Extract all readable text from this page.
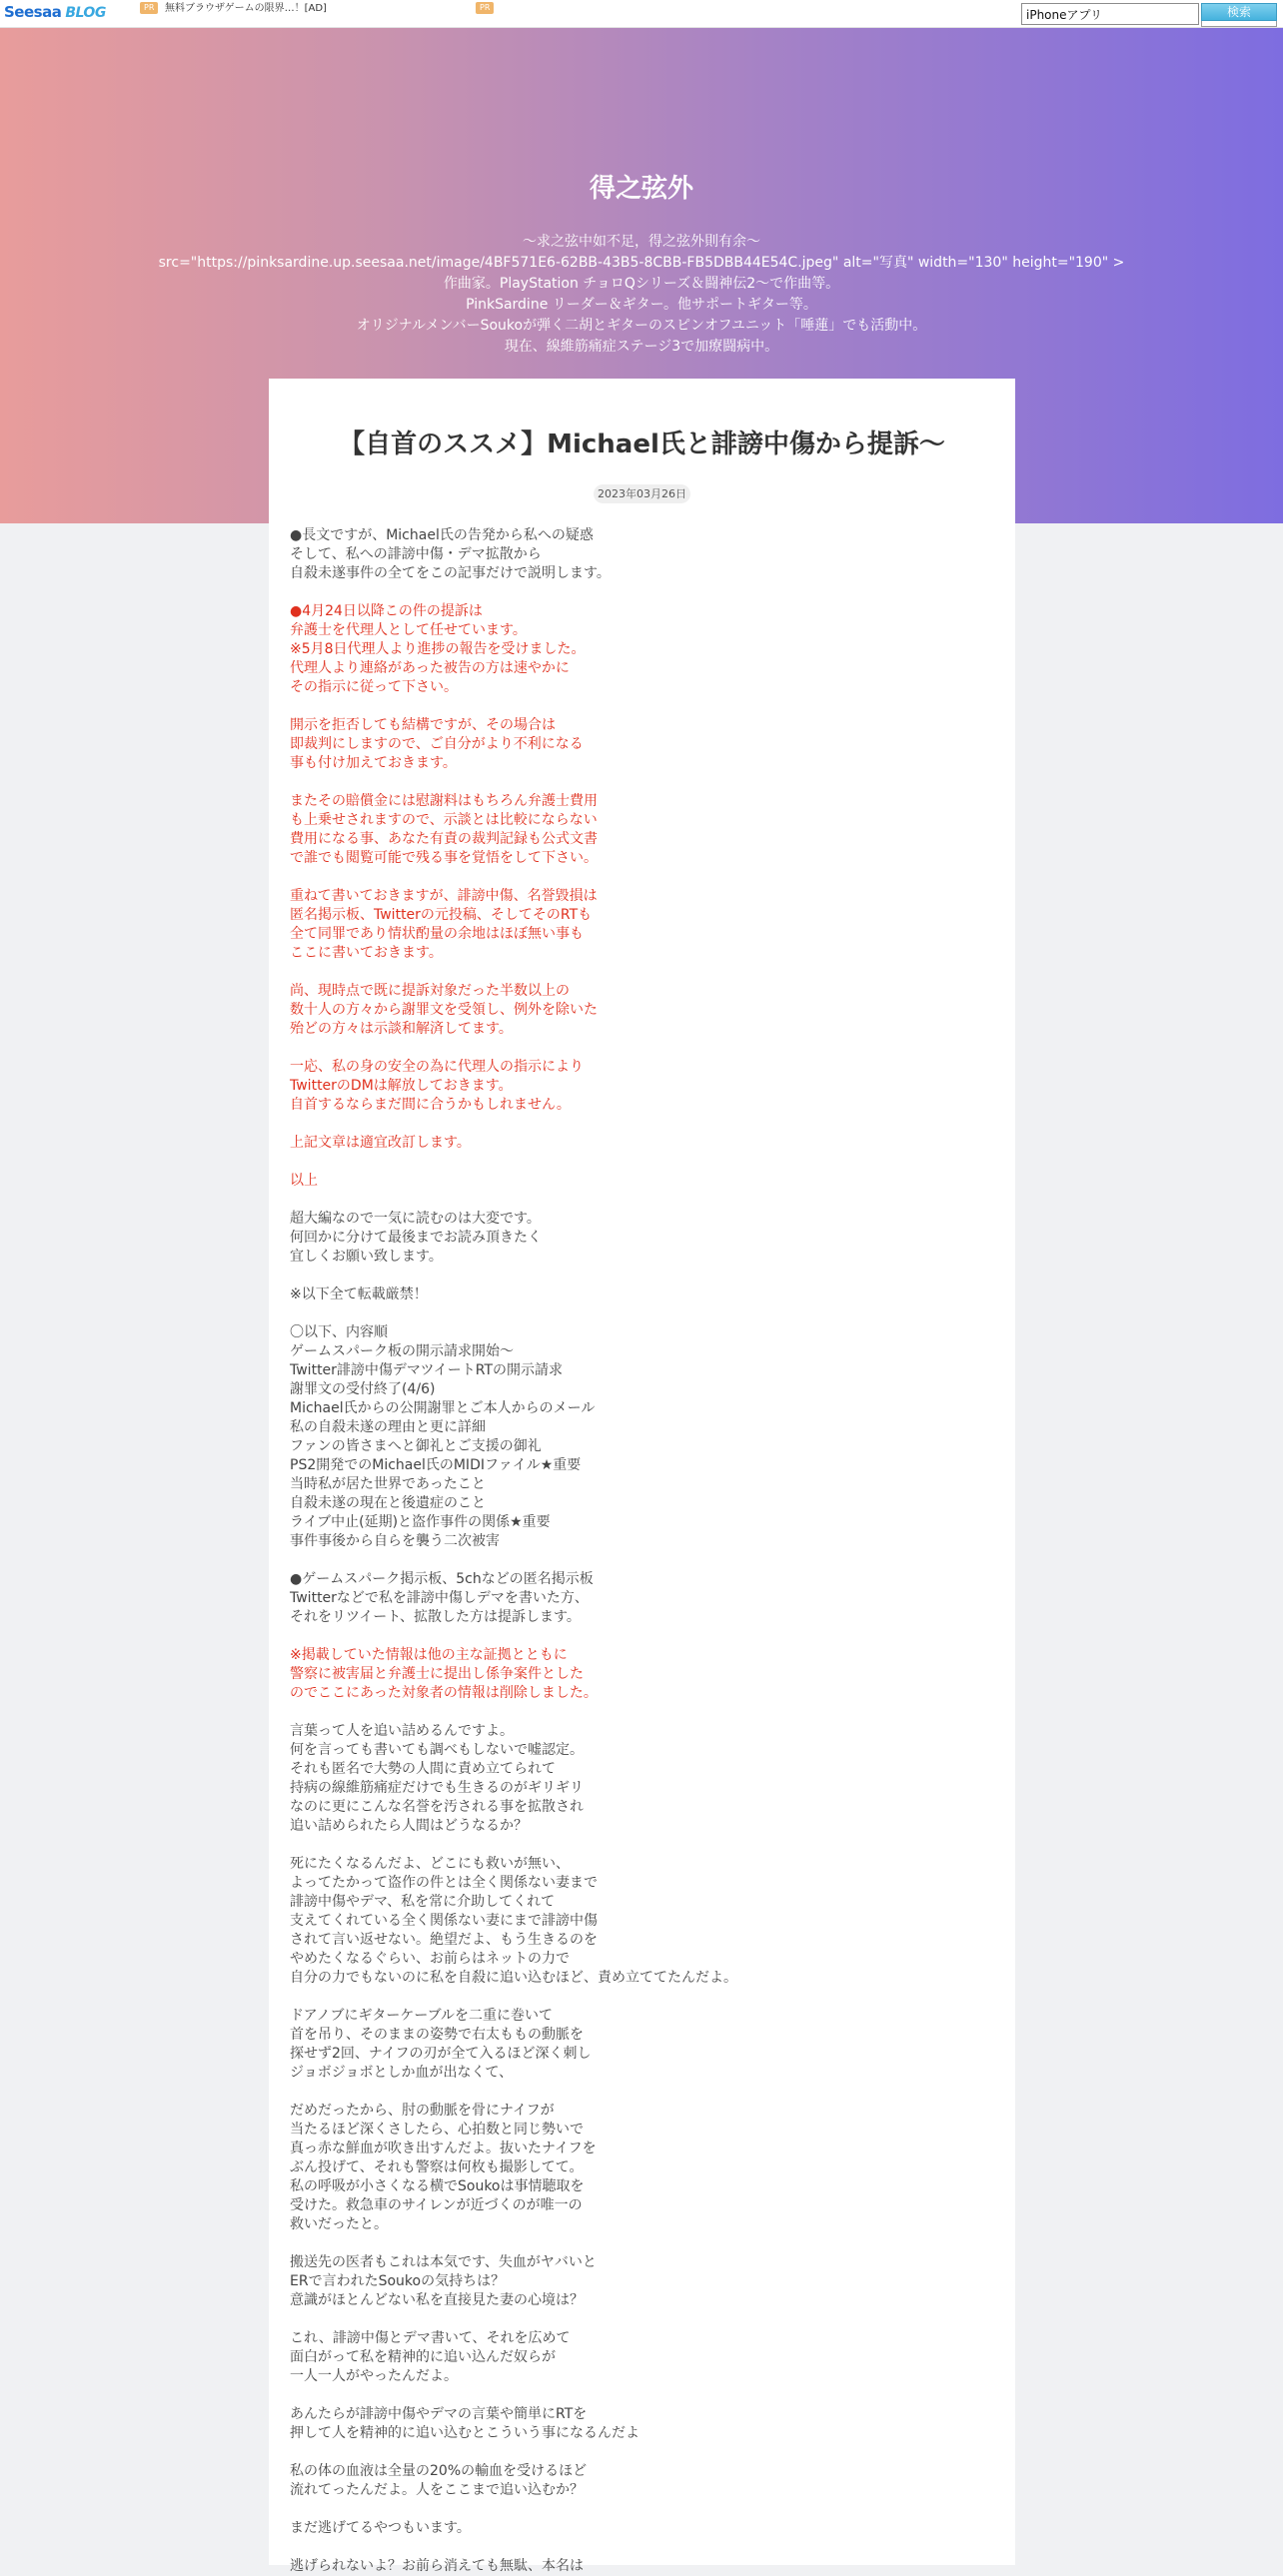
Seesaa BLOG	PR	無料ブラウザゲームの限界…！[AD]	PR
iPhoneアプリ	検索
得之弦外
〜求之弦中如不足，得之弦外則有余〜
src="https://pinksardine.up.seesaa.net/image/4BF571E6-62BB-43B5-8CBB-FB5DBB44E54C.jpeg" alt="写真" width="130" height="190" >
作曲家。PlayStation チョロQシリーズ＆闘神伝2〜で作曲等。
PinkSardine リーダー＆ギター。他サポートギター等。
オリジナルメンバーSoukoが弾く二胡とギターのスピンオフユニット「唾蓮」でも活動中。
現在、線維筋痛症ステージ3で加療闘病中。
【自首のススメ】Michael氏と誹謗中傷から提訴〜
2023年03月26日
●長文ですが、Michael氏の告発から私への疑惑
そして、私への誹謗中傷・デマ拡散から
自殺未遂事件の全てをこの記事だけで説明します。
●4月24日以降この件の提訴は
弁護士を代理人として任せています。
※5月8日代理人より進捗の報告を受けました。
代理人より連絡があった被告の方は速やかに
その指示に従って下さい。
開示を拒否しても結構ですが、その場合は
即裁判にしますので、ご自分がより不利になる
事も付け加えておきます。
またその賠償金には慰謝料はもちろん弁護士費用
も上乗せされますので、示談とは比較にならない
費用になる事、あなた有責の裁判記録も公式文書
で誰でも閲覧可能で残る事を覚悟をして下さい。
重ねて書いておきますが、誹謗中傷、名誉毀損は
匿名掲示板、Twitterの元投稿、そしてそのRTも
全て同罪であり情状酌量の余地はほぼ無い事も
ここに書いておきます。
尚、現時点で既に提訴対象だった半数以上の
数十人の方々から謝罪文を受領し、例外を除いた
殆どの方々は示談和解済してます。
一応、私の身の安全の為に代理人の指示により
TwitterのDMは解放しておきます。
自首するならまだ間に合うかもしれません。
上記文章は適宜改訂します。
以上
超大編なので一気に読むのは大変です。
何回かに分けて最後までお読み頂きたく
宜しくお願い致します。
※以下全て転載厳禁！
〇以下、内容順
ゲームスパーク板の開示請求開始〜
Twitter誹謗中傷デマツイートRTの開示請求
謝罪文の受付終了(4/6)
Michael氏からの公開謝罪とご本人からのメール
私の自殺未遂の理由と更に詳細
ファンの皆さまへと御礼とご支援の御礼
PS2開発でのMichael氏のMIDIファイル★重要
当時私が居た世界であったこと
自殺未遂の現在と後遺症のこと
ライブ中止(延期)と盗作事件の関係★重要
事件事後から自らを襲う二次被害
●ゲームスパーク掲示板、5chなどの匿名掲示板
Twitterなどで私を誹謗中傷しデマを書いた方、
それをリツイート、拡散した方は提訴します。
※掲載していた情報は他の主な証拠とともに
警察に被害届と弁護士に提出し係争案件とした
のでここにあった対象者の情報は削除しました。
言葉って人を追い詰めるんですよ。
何を言っても書いても調べもしないで嘘認定。
それも匿名で大勢の人間に責め立てられて
持病の線維筋痛症だけでも生きるのがギリギリ
なのに更にこんな名誉を汚される事を拡散され
追い詰められたら人間はどうなるか？
死にたくなるんだよ、どこにも救いが無い、
よってたかって盗作の件とは全く関係ない妻まで
誹謗中傷やデマ、私を常に介助してくれて
支えてくれている全く関係ない妻にまで誹謗中傷
されて言い返せない。絶望だよ、もう生きるのを
やめたくなるぐらい、お前らはネットの力で
自分の力でもないのに私を自殺に追い込むほど、責め立ててたんだよ。
ドアノブにギターケーブルを二重に巻いて
首を吊り、そのままの姿勢で右太ももの動脈を
探せず2回、ナイフの刃が全て入るほど深く刺し
ジョボジョボとしか血が出なくて、
だめだったから、肘の動脈を骨にナイフが
当たるほど深くさしたら、心拍数と同じ勢いで
真っ赤な鮮血が吹き出すんだよ。抜いたナイフを
ぶん投げて、それも警察は何枚も撮影してて。
私の呼吸が小さくなる横でSoukoは事情聴取を
受けた。救急車のサイレンが近づくのが唯一の
救いだったと。
搬送先の医者もこれは本気です、失血がヤバいと
ERで言われたSoukoの気持ちは？
意識がほとんどない私を直接見た妻の心境は？
これ、誹謗中傷とデマ書いて、それを広めて
面白がって私を精神的に追い込んだ奴らが
一人一人がやったんだよ。
あんたらが誹謗中傷やデマの言葉や簡単にRTを
押して人を精神的に追い込むとこういう事になるんだよ
私の体の血液は全量の20%の輸血を受けるほど
流れてったんだよ。人をここまで追い込むか？
まだ逃げてるやつもいます。
逃げられないよ？お前ら消えても無駄、本名は
